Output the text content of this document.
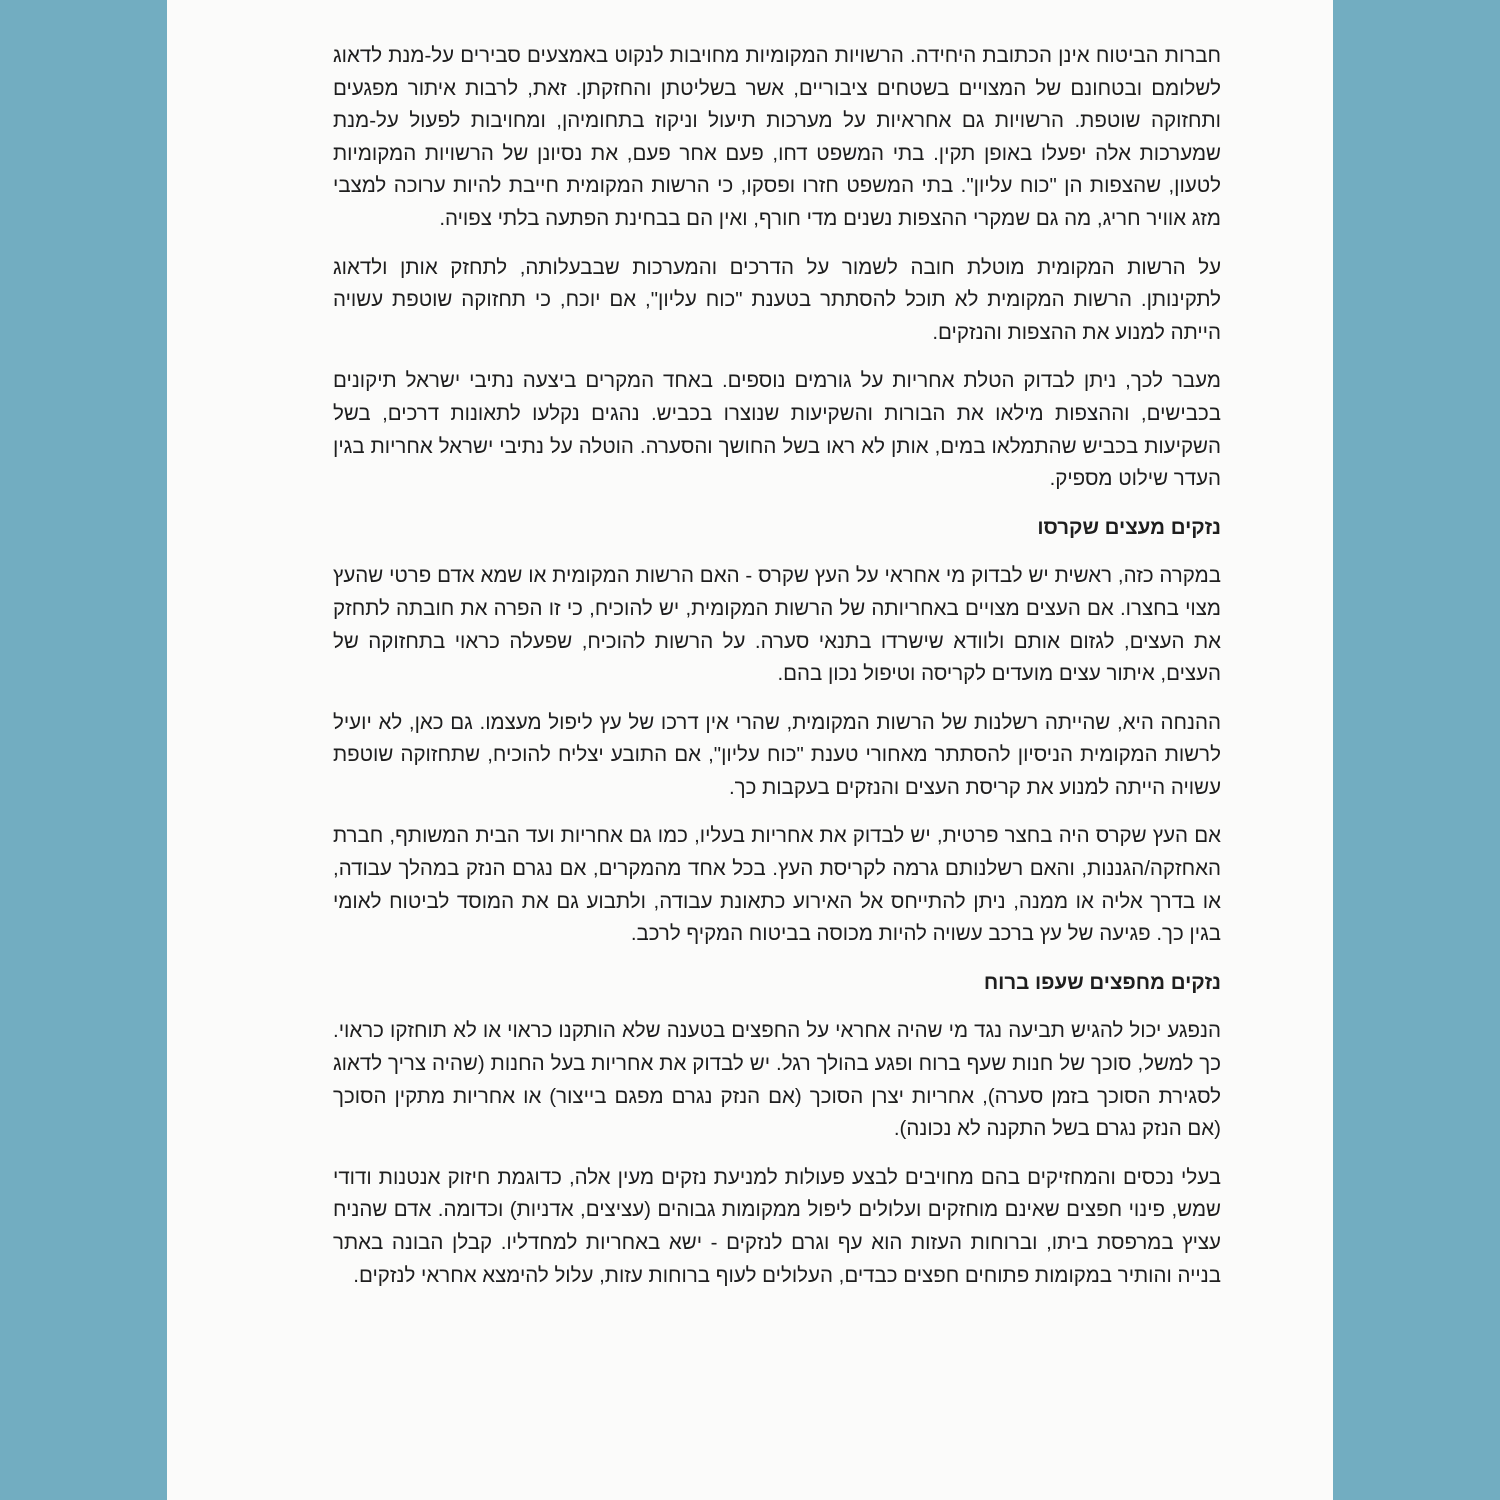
חברות הביטוח אינן הכתובת היחידה. הרשויות המקומיות מחויבות לנקוט באמצעים סבירים על-מנת לדאוג לשלומם ובטחונם של המצויים בשטחים ציבוריים, אשר בשליטתן והחזקתן. זאת, לרבות איתור מפגעים ותחזוקה שוטפת. הרשויות גם אחראיות על מערכות תיעול וניקוז בתחומיהן, ומחויבות לפעול על-מנת שמערכות אלה יפעלו באופן תקין. בתי המשפט דחו, פעם אחר פעם, את נסיונן של הרשויות המקומיות לטעון, שהצפות הן "כוח עליון". בתי המשפט חזרו ופסקו, כי הרשות המקומית חייבת להיות ערוכה למצבי מזג אוויר חריג, מה גם שמקרי ההצפות נשנים מדי חורף, ואין הם בבחינת הפתעה בלתי צפויה.

על הרשות המקומית מוטלת חובה לשמור על הדרכים והמערכות שבבעלותה, לתחזק אותן ולדאוג לתקינותן. הרשות המקומית לא תוכל להסתתר בטענת "כוח עליון", אם יוכח, כי תחזוקה שוטפת עשויה הייתה למנוע את ההצפות והנזקים.

מעבר לכך, ניתן לבדוק הטלת אחריות על גורמים נוספים. באחד המקרים ביצעה נתיבי ישראל תיקונים בכבישים, וההצפות מילאו את הבורות והשקיעות שנוצרו בכביש. נהגים נקלעו לתאונות דרכים, בשל השקיעות בכביש שהתמלאו במים, אותן לא ראו בשל החושך והסערה. הוטלה על נתיבי ישראל אחריות בגין העדר שילוט מספיק.

נזקים מעצים שקרסו

במקרה כזה, ראשית יש לבדוק מי אחראי על העץ שקרס - האם הרשות המקומית או שמא אדם פרטי שהעץ מצוי בחצרו. אם העצים מצויים באחריותה של הרשות המקומית, יש להוכיח, כי זו הפרה את חובתה לתחזק את העצים, לגזום אותם ולוודא שישרדו בתנאי סערה. על הרשות להוכיח, שפעלה כראוי בתחזוקה של העצים, איתור עצים מועדים לקריסה וטיפול נכון בהם.

ההנחה היא, שהייתה רשלנות של הרשות המקומית, שהרי אין דרכו של עץ ליפול מעצמו. גם כאן, לא יועיל לרשות המקומית הניסיון להסתתר מאחורי טענת "כוח עליון", אם התובע יצליח להוכיח, שתחזוקה שוטפת עשויה הייתה למנוע את קריסת העצים והנזקים בעקבות כך.

אם העץ שקרס היה בחצר פרטית, יש לבדוק את אחריות בעליו, כמו גם אחריות ועד הבית המשותף, חברת האחזקה/הגננות, והאם רשלנותם גרמה לקריסת העץ. בכל אחד מהמקרים, אם נגרם הנזק במהלך עבודה, או בדרך אליה או ממנה, ניתן להתייחס אל האירוע כתאונת עבודה, ולתבוע גם את המוסד לביטוח לאומי בגין כך. פגיעה של עץ ברכב עשויה להיות מכוסה בביטוח המקיף לרכב.

נזקים מחפצים שעפו ברוח

הנפגע יכול להגיש תביעה נגד מי שהיה אחראי על החפצים בטענה שלא הותקנו כראוי או לא תוחזקו כראוי. כך למשל, סוכך של חנות שעף ברוח ופגע בהולך רגל. יש לבדוק את אחריות בעל החנות (שהיה צריך לדאוג לסגירת הסוכך בזמן סערה), אחריות יצרן הסוכך (אם הנזק נגרם מפגם בייצור) או אחריות מתקין הסוכך (אם הנזק נגרם בשל התקנה לא נכונה).

בעלי נכסים והמחזיקים בהם מחויבים לבצע פעולות למניעת נזקים מעין אלה, כדוגמת חיזוק אנטנות ודודי שמש, פינוי חפצים שאינם מוחזקים ועלולים ליפול ממקומות גבוהים (עציצים, אדניות) וכדומה. אדם שהניח עציץ במרפסת ביתו, וברוחות העזות הוא עף וגרם לנזקים - ישא באחריות למחדליו. קבלן הבונה באתר בנייה והותיר במקומות פתוחים חפצים כבדים, העלולים לעוף ברוחות עזות, עלול להימצא אחראי לנזקים.
